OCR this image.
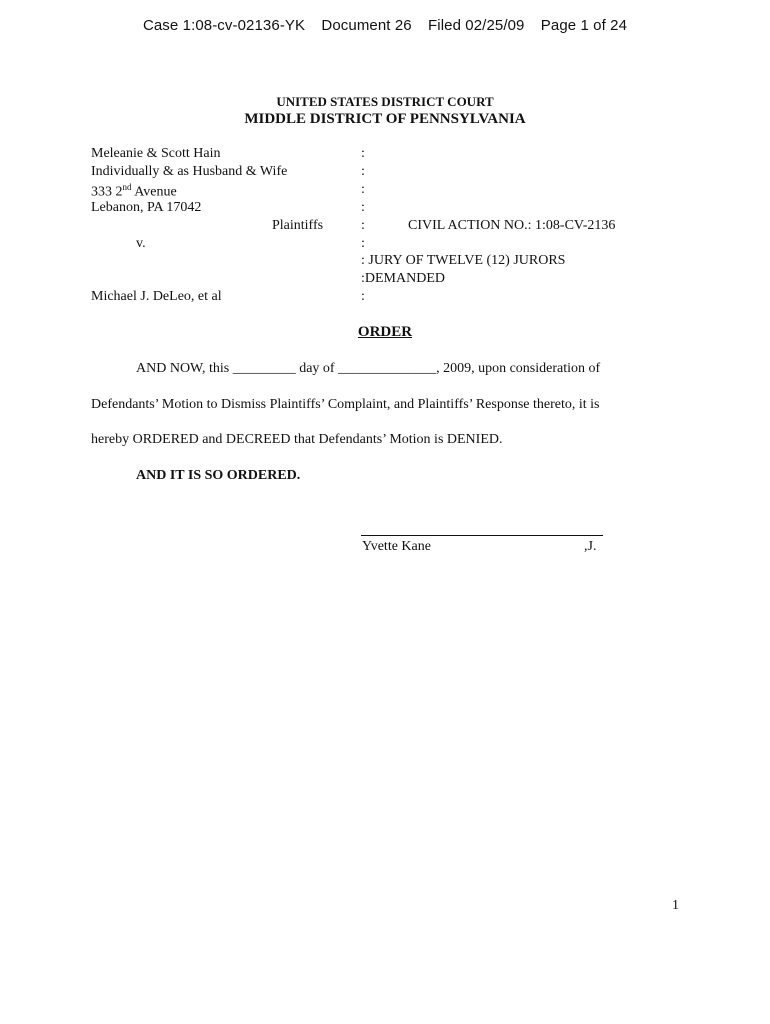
Case 1:08-cv-02136-YK Document 26 Filed 02/25/09 Page 1 of 24
UNITED STATES DISTRICT COURT
MIDDLE DISTRICT OF PENNSYLVANIA
Meleanie & Scott Hain
Individually & as Husband & Wife
333 2nd Avenue
Lebanon, PA 17042
Plaintiffs
v.
Michael J. DeLeo, et al
:
:
:
:
:	CIVIL ACTION NO.: 1:08-CV-2136
:
: JURY OF TWELVE (12) JURORS
:DEMANDED
:
ORDER
AND NOW, this _________ day of ______________, 2009, upon consideration of
Defendants’ Motion to Dismiss Plaintiffs’ Complaint, and Plaintiffs’ Response thereto, it is
hereby ORDERED and DECREED that Defendants’ Motion is DENIED.
AND IT IS SO ORDERED.
Yvette Kane	,J.
1
